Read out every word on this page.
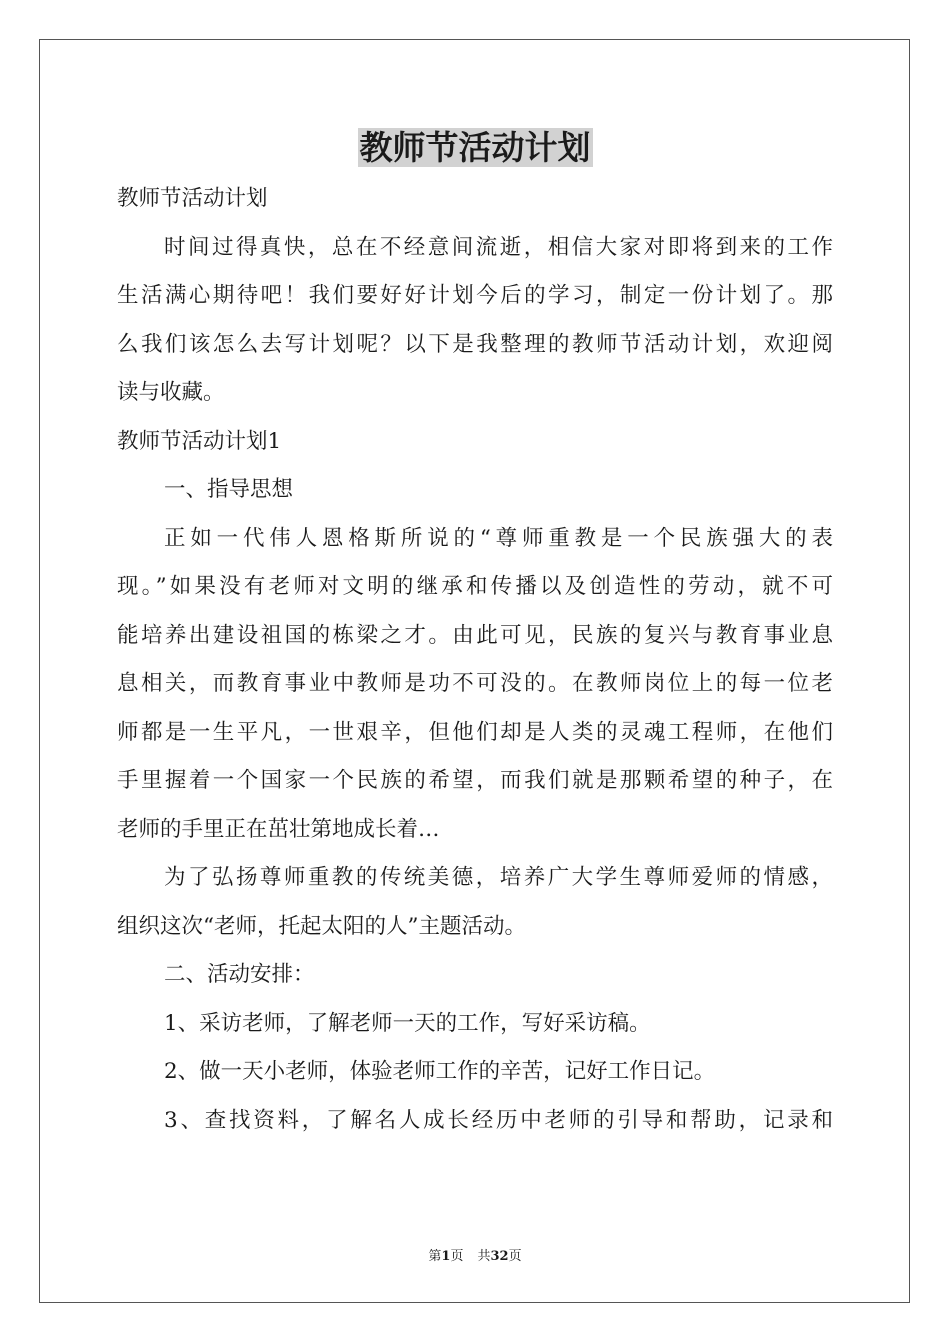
教师节活动计划
教师节活动计划
时间过得真快，总在不经意间流逝，相信大家对即将到来的工作
生活满心期待吧！我们要好好计划今后的学习，制定一份计划了。那
么我们该怎么去写计划呢？以下是我整理的教师节活动计划，欢迎阅
读与收藏。
教师节活动计划1
一、指导思想
正如一代伟人恩格斯所说的“尊师重教是一个民族强大的表
现。”如果没有老师对文明的继承和传播以及创造性的劳动，就不可
能培养出建设祖国的栋梁之才。由此可见，民族的复兴与教育事业息
息相关，而教育事业中教师是功不可没的。在教师岗位上的每一位老
师都是一生平凡，一世艰辛，但他们却是人类的灵魂工程师，在他们
手里握着一个国家一个民族的希望，而我们就是那颗希望的种子，在
老师的手里正在茁壮第地成长着…
为了弘扬尊师重教的传统美德，培养广大学生尊师爱师的情感，
组织这次“老师，托起太阳的人”主题活动。
二、活动安排：
1、采访老师，了解老师一天的工作，写好采访稿。
2、做一天小老师，体验老师工作的辛苦，记好工作日记。
3、查找资料，了解名人成长经历中老师的引导和帮助，记录和

第1页 共32页
